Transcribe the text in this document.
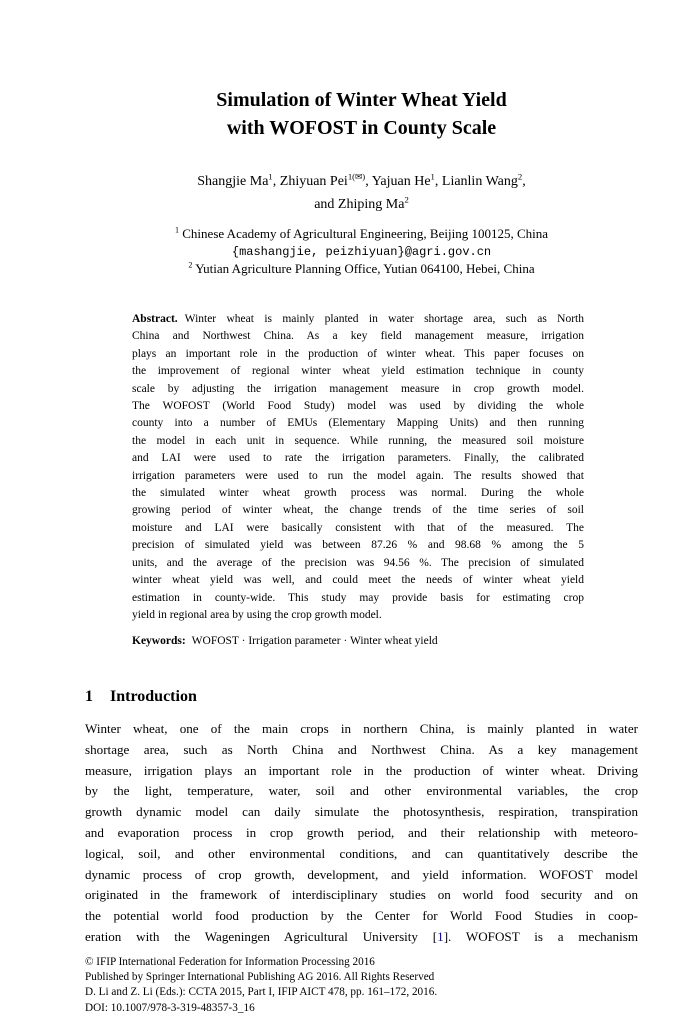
Simulation of Winter Wheat Yield
with WOFOST in County Scale
Shangjie Ma$^1$, Zhiyuan Pei$^{1(✉)}$, Yajuan He$^1$, Lianlin Wang$^2$,
and Zhiping Ma$^2$
$^1$ Chinese Academy of Agricultural Engineering, Beijing 100125, China
{mashangjie, peizhiyuan}@agri.gov.cn
$^2$ Yutian Agriculture Planning Office, Yutian 064100, Hebei, China
Abstract. Winter wheat is mainly planted in water shortage area, such as North
China and Northwest China. As a key field management measure, irrigation
plays an important role in the production of winter wheat. This paper focuses on
the improvement of regional winter wheat yield estimation technique in county
scale by adjusting the irrigation management measure in crop growth model.
The WOFOST (World Food Study) model was used by dividing the whole
county into a number of EMUs (Elementary Mapping Units) and then running
the model in each unit in sequence. While running, the measured soil moisture
and LAI were used to rate the irrigation parameters. Finally, the calibrated
irrigation parameters were used to run the model again. The results showed that
the simulated winter wheat growth process was normal. During the whole
growing period of winter wheat, the change trends of the time series of soil
moisture and LAI were basically consistent with that of the measured. The
precision of simulated yield was between 87.26 % and 98.68 % among the 5
units, and the average of the precision was 94.56 %. The precision of simulated
winter wheat yield was well, and could meet the needs of winter wheat yield
estimation in county-wide. This study may provide basis for estimating crop
yield in regional area by using the crop growth model.
Keywords: WOFOST · Irrigation parameter · Winter wheat yield
1 Introduction
Winter wheat, one of the main crops in northern China, is mainly planted in water
shortage area, such as North China and Northwest China. As a key management
measure, irrigation plays an important role in the production of winter wheat. Driving
by the light, temperature, water, soil and other environmental variables, the crop
growth dynamic model can daily simulate the photosynthesis, respiration, transpiration
and evaporation process in crop growth period, and their relationship with meteoro-
logical, soil, and other environmental conditions, and can quantitatively describe the
dynamic process of crop growth, development, and yield information. WOFOST model
originated in the framework of interdisciplinary studies on world food security and on
the potential world food production by the Center for World Food Studies in coop-
eration with the Wageningen Agricultural University [1]. WOFOST is a mechanism
© IFIP International Federation for Information Processing 2016
Published by Springer International Publishing AG 2016. All Rights Reserved
D. Li and Z. Li (Eds.): CCTA 2015, Part I, IFIP AICT 478, pp. 161–172, 2016.
DOI: 10.1007/978-3-319-48357-3_16
